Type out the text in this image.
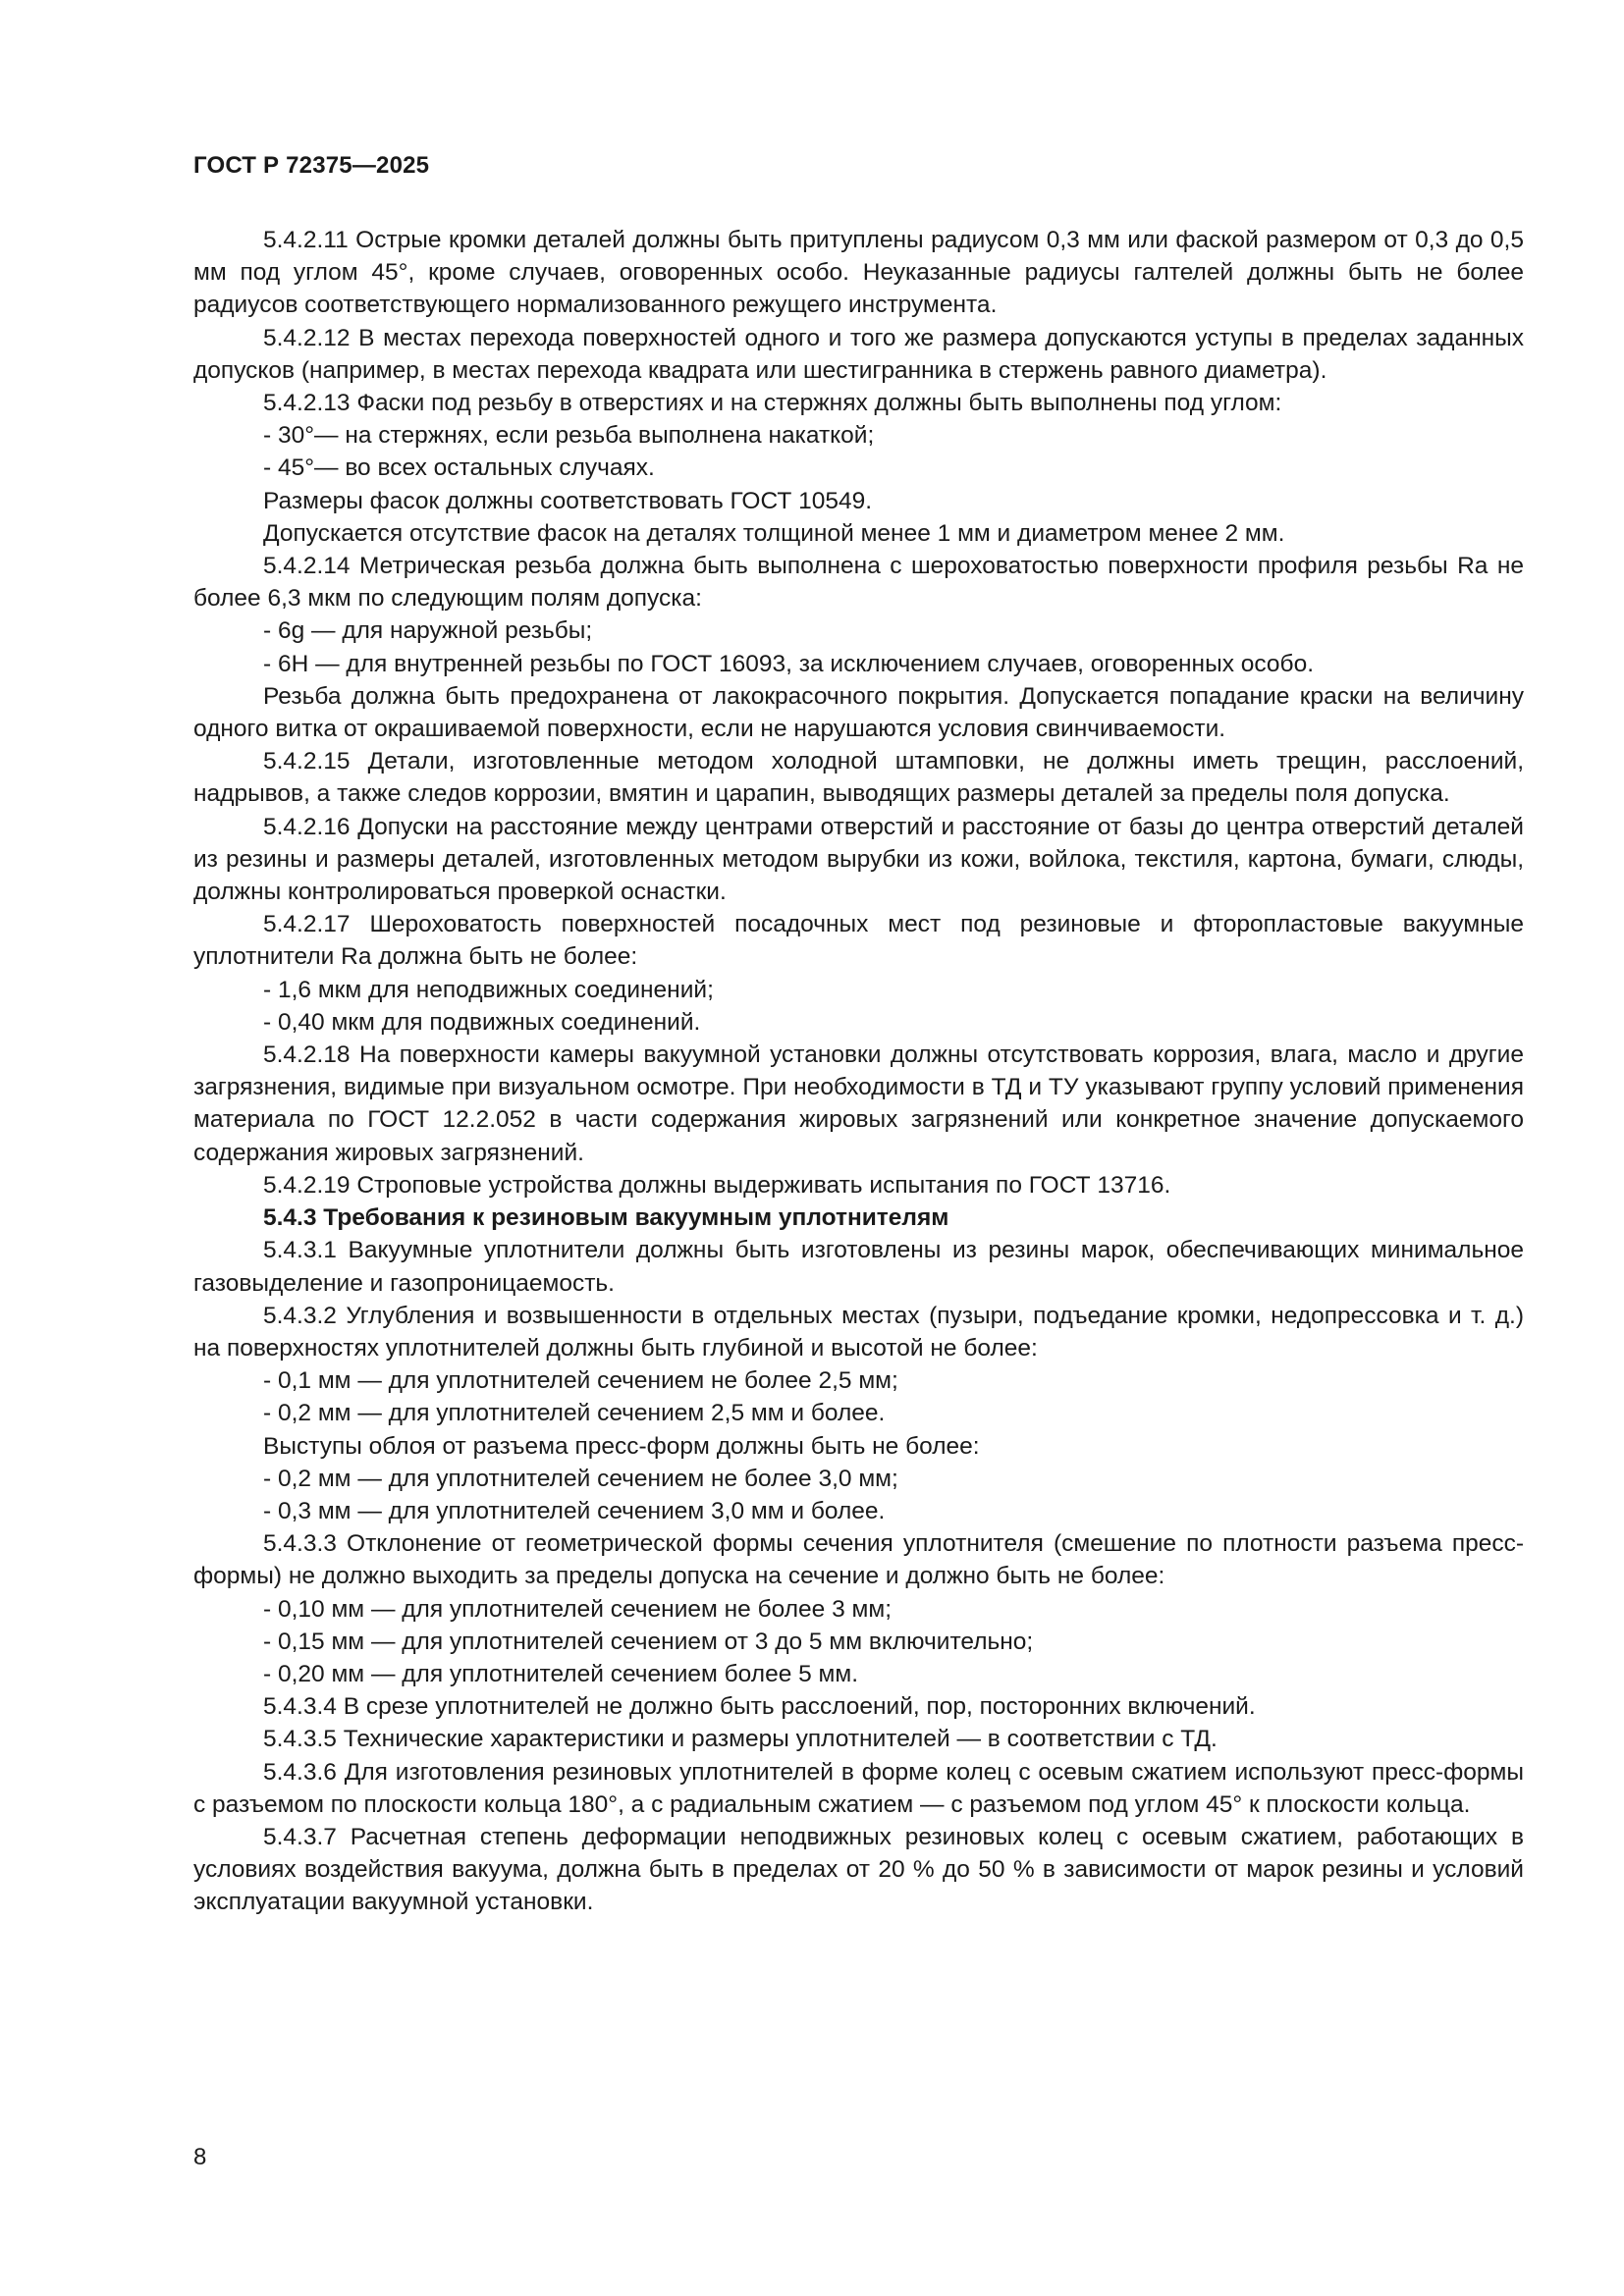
ГОСТ Р 72375—2025

5.4.2.11 Острые кромки деталей должны быть притуплены радиусом 0,3 мм или фаской размером от 0,3 до 0,5 мм под углом 45°, кроме случаев, оговоренных особо. Неуказанные радиусы галтелей должны быть не более радиусов соответствующего нормализованного режущего инструмента.

5.4.2.12 В местах перехода поверхностей одного и того же размера допускаются уступы в пределах заданных допусков (например, в местах перехода квадрата или шестигранника в стержень равного диаметра).

5.4.2.13 Фаски под резьбу в отверстиях и на стержнях должны быть выполнены под углом:

- 30°— на стержнях, если резьба выполнена накаткой;

- 45°— во всех остальных случаях.

Размеры фасок должны соответствовать ГОСТ 10549.

Допускается отсутствие фасок на деталях толщиной менее 1 мм и диаметром менее 2 мм.

5.4.2.14 Метрическая резьба должна быть выполнена с шероховатостью поверхности профиля резьбы Ra не более 6,3 мкм по следующим полям допуска:

- 6g — для наружной резьбы;

- 6H — для внутренней резьбы по ГОСТ 16093, за исключением случаев, оговоренных особо.

Резьба должна быть предохранена от лакокрасочного покрытия. Допускается попадание краски на величину одного витка от окрашиваемой поверхности, если не нарушаются условия свинчиваемости.

5.4.2.15 Детали, изготовленные методом холодной штамповки, не должны иметь трещин, расслоений, надрывов, а также следов коррозии, вмятин и царапин, выводящих размеры деталей за пределы поля допуска.

5.4.2.16 Допуски на расстояние между центрами отверстий и расстояние от базы до центра отверстий деталей из резины и размеры деталей, изготовленных методом вырубки из кожи, войлока, текстиля, картона, бумаги, слюды, должны контролироваться проверкой оснастки.

5.4.2.17 Шероховатость поверхностей посадочных мест под резиновые и фторопластовые вакуумные уплотнители Ra должна быть не более:

- 1,6 мкм для неподвижных соединений;

- 0,40 мкм для подвижных соединений.

5.4.2.18 На поверхности камеры вакуумной установки должны отсутствовать коррозия, влага, масло и другие загрязнения, видимые при визуальном осмотре. При необходимости в ТД и ТУ указывают группу условий применения материала по ГОСТ 12.2.052 в части содержания жировых загрязнений или конкретное значение допускаемого содержания жировых загрязнений.

5.4.2.19 Строповые устройства должны выдерживать испытания по ГОСТ 13716.

5.4.3 Требования к резиновым вакуумным уплотнителям

5.4.3.1 Вакуумные уплотнители должны быть изготовлены из резины марок, обеспечивающих минимальное газовыделение и газопроницаемость.

5.4.3.2 Углубления и возвышенности в отдельных местах (пузыри, подъедание кромки, недопрессовка и т. д.) на поверхностях уплотнителей должны быть глубиной и высотой не более:

- 0,1 мм — для уплотнителей сечением не более 2,5 мм;

- 0,2 мм — для уплотнителей сечением 2,5 мм и более.

Выступы облоя от разъема пресс-форм должны быть не более:

- 0,2 мм — для уплотнителей сечением не более 3,0 мм;

- 0,3 мм — для уплотнителей сечением 3,0 мм и более.

5.4.3.3 Отклонение от геометрической формы сечения уплотнителя (смешение по плотности разъема пресс-формы) не должно выходить за пределы допуска на сечение и должно быть не более:

- 0,10 мм — для уплотнителей сечением не более 3 мм;

- 0,15 мм — для уплотнителей сечением от 3 до 5 мм включительно;

- 0,20 мм — для уплотнителей сечением более 5 мм.

5.4.3.4 В срезе уплотнителей не должно быть расслоений, пор, посторонних включений.

5.4.3.5 Технические характеристики и размеры уплотнителей — в соответствии с ТД.

5.4.3.6 Для изготовления резиновых уплотнителей в форме колец с осевым сжатием используют пресс-формы с разъемом по плоскости кольца 180°, а с радиальным сжатием — с разъемом под углом 45° к плоскости кольца.

5.4.3.7 Расчетная степень деформации неподвижных резиновых колец с осевым сжатием, работающих в условиях воздействия вакуума, должна быть в пределах от 20 % до 50 % в зависимости от марок резины и условий эксплуатации вакуумной установки.

8
